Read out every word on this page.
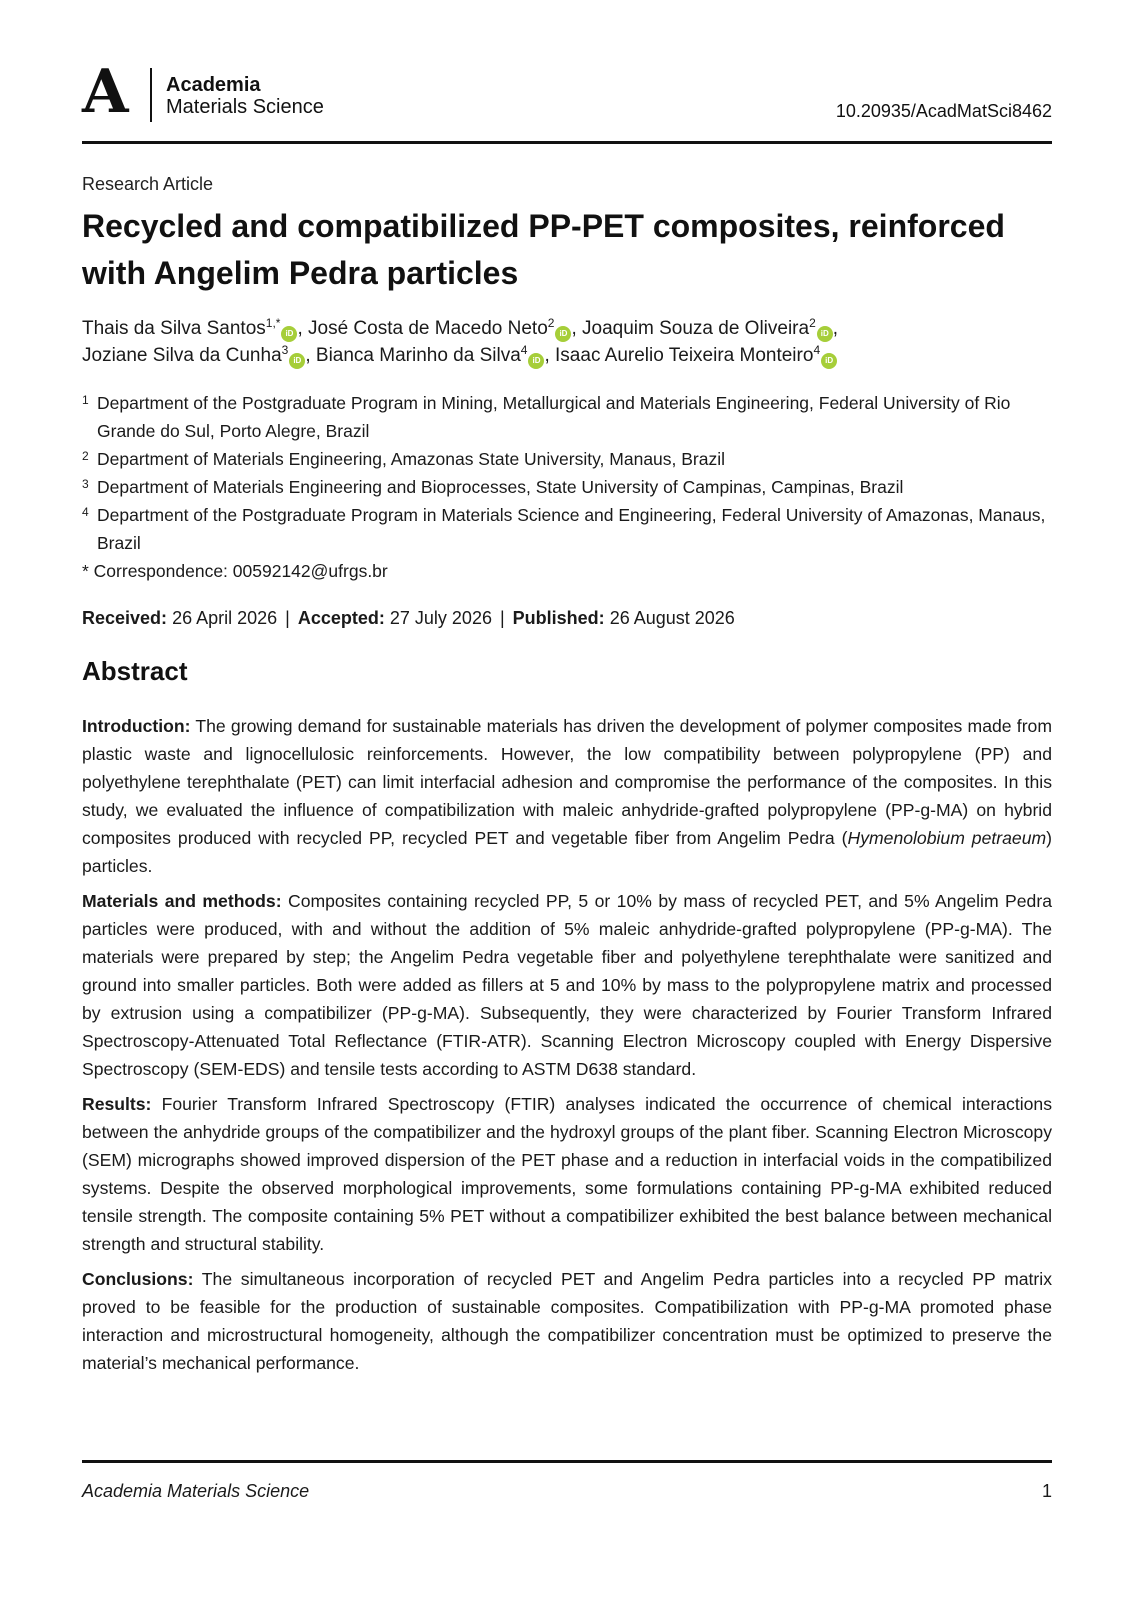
A Academia
Materials Science	10.20935/AcadMatSci8462
Research Article
Recycled and compatibilized PP-PET composites, reinforced with Angelim Pedra particles
Thais da Silva Santos$^{1,*}$iD , José Costa de Macedo Neto$^2$iD , Joaquim Souza de Oliveira$^2$iD ,
Joziane Silva da Cunha$^3$iD , Bianca Marinho da Silva$^4$iD , Isaac Aurelio Teixeira Monteiro$^4$iD
1 Department of the Postgraduate Program in Mining, Metallurgical and Materials Engineering, Federal University of Rio Grande do Sul, Porto Alegre, Brazil
2 Department of Materials Engineering, Amazonas State University, Manaus, Brazil
3 Department of Materials Engineering and Bioprocesses, State University of Campinas, Campinas, Brazil
4 Department of the Postgraduate Program in Materials Science and Engineering, Federal University of Amazonas, Manaus, Brazil
* Correspondence: 00592142@ufrgs.br
Received: 26 April 2026 | Accepted: 27 July 2026 | Published: 26 August 2026
Abstract

Introduction: The growing demand for sustainable materials has driven the development of polymer composites made from plastic waste and lignocellulosic reinforcements. However, the low compatibility between polypropylene (PP) and polyethylene terephthalate (PET) can limit interfacial adhesion and compromise the performance of the composites. In this study, we evaluated the influence of compatibilization with maleic anhydride-grafted polypropylene (PP-g-MA) on hybrid composites produced with recycled PP, recycled PET and vegetable fiber from Angelim Pedra (Hymenolobium petraeum) particles.

Materials and methods: Composites containing recycled PP, 5 or 10% by mass of recycled PET, and 5% Angelim Pedra particles were produced, with and without the addition of 5% maleic anhydride-grafted polypropylene (PP-g-MA). The materials were prepared by step; the Angelim Pedra vegetable fiber and polyethylene terephthalate were sanitized and ground into smaller particles. Both were added as fillers at 5 and 10% by mass to the polypropylene matrix and processed by extrusion using a compatibilizer (PP-g-MA). Subsequently, they were characterized by Fourier Transform Infrared Spectroscopy-Attenuated Total Reflectance (FTIR-ATR). Scanning Electron Microscopy coupled with Energy Dispersive Spectroscopy (SEM-EDS) and tensile tests according to ASTM D638 standard.

Results: Fourier Transform Infrared Spectroscopy (FTIR) analyses indicated the occurrence of chemical interactions between the anhydride groups of the compatibilizer and the hydroxyl groups of the plant fiber. Scanning Electron Microscopy (SEM) micrographs showed improved dispersion of the PET phase and a reduction in interfacial voids in the compatibilized systems. Despite the observed morphological improvements, some formulations containing PP-g-MA exhibited reduced tensile strength. The composite containing 5% PET without a compatibilizer exhibited the best balance between mechanical strength and structural stability.

Conclusions: The simultaneous incorporation of recycled PET and Angelim Pedra particles into a recycled PP matrix proved to be feasible for the production of sustainable composites. Compatibilization with PP-g-MA promoted phase interaction and microstructural homogeneity, although the compatibilizer concentration must be optimized to preserve the material’s mechanical performance.

Academia Materials Science	1
